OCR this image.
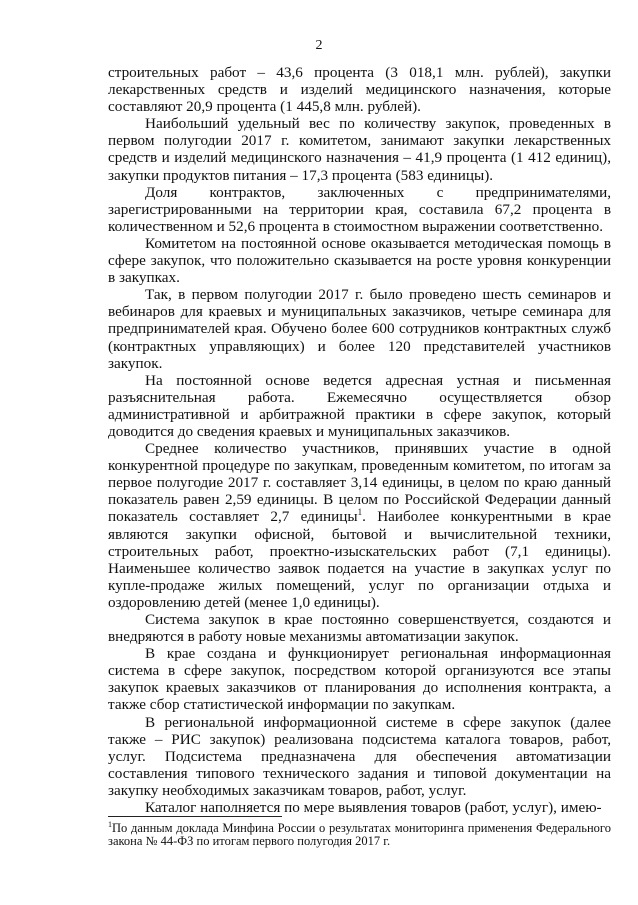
2

строительных работ – 43,6 процента (3 018,1 млн. рублей), закупки лекарственных средств и изделий медицинского назначения, которые составляют 20,9 процента (1 445,8 млн. рублей).

Наибольший удельный вес по количеству закупок, проведенных в первом полугодии 2017 г. комитетом, занимают закупки лекарственных средств и изделий медицинского назначения – 41,9 процента (1 412 единиц), закупки продуктов питания – 17,3 процента (583 единицы).

Доля контрактов, заключенных с предпринимателями, зарегистрированными на территории края, составила 67,2 процента в количественном и 52,6 процента в стоимостном выражении соответственно.

Комитетом на постоянной основе оказывается методическая помощь в сфере закупок, что положительно сказывается на росте уровня конкуренции в закупках.

Так, в первом полугодии 2017 г. было проведено шесть семинаров и вебинаров для краевых и муниципальных заказчиков, четыре семинара для предпринимателей края. Обучено более 600 сотрудников контрактных служб (контрактных управляющих) и более 120 представителей участников закупок.

На постоянной основе ведется адресная устная и письменная разъяснительная работа. Ежемесячно осуществляется обзор административной и арбитражной практики в сфере закупок, который доводится до сведения краевых и муниципальных заказчиков.

Среднее количество участников, принявших участие в одной конкурентной процедуре по закупкам, проведенным комитетом, по итогам за первое полугодие 2017 г. составляет 3,14 единицы, в целом по краю данный показатель равен 2,59 единицы. В целом по Российской Федерации данный показатель составляет 2,7 единицы$^1$. Наиболее конкурентными в крае являются закупки офисной, бытовой и вычислительной техники, строительных работ, проектно-изыскательских работ (7,1 единицы). Наименьшее количество заявок подается на участие в закупках услуг по купле-продаже жилых помещений, услуг по организации отдыха и оздоровлению детей (менее 1,0 единицы).

Система закупок в крае постоянно совершенствуется, создаются и внедряются в работу новые механизмы автоматизации закупок.

В крае создана и функционирует региональная информационная система в сфере закупок, посредством которой организуются все этапы закупок краевых заказчиков от планирования до исполнения контракта, а также сбор статистической информации по закупкам.

В региональной информационной системе в сфере закупок (далее также – РИС закупок) реализована подсистема каталога товаров, работ, услуг. Подсистема предназначена для обеспечения автоматизации составления типового технического задания и типовой документации на закупку необходимых заказчикам товаров, работ, услуг.

Каталог наполняется по мере выявления товаров (работ, услуг), имею-

$^1$По данным доклада Минфина России о результатах мониторинга применения Федерального закона № 44-ФЗ по итогам первого полугодия 2017 г.
